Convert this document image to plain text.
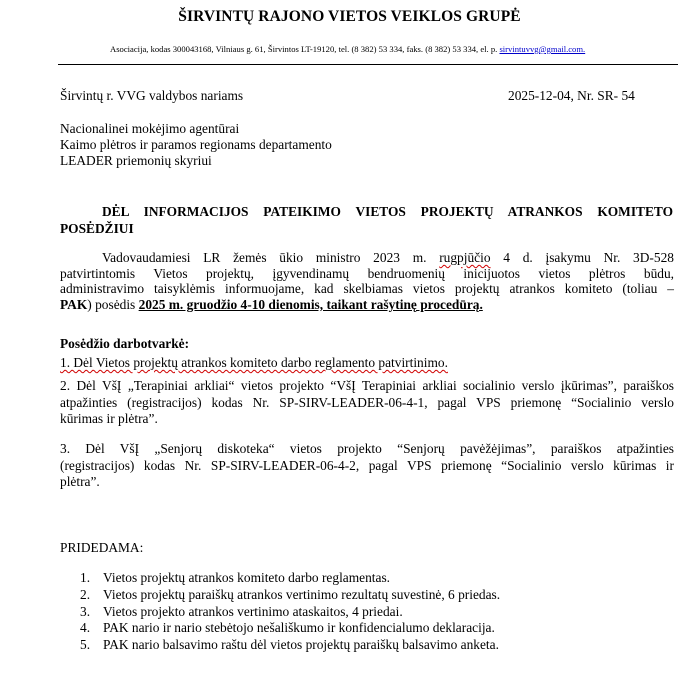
ŠIRVINTŲ RAJONO VIETOS VEIKLOS GRUPĖ
Asociacija, kodas 300043168, Vilniaus g. 61, Širvintos LT-19120, tel. (8 382) 53 334, faks. (8 382) 53 334, el. p. sirvintuvvg@gmail.com.
Širvintų r. VVG valdybos nariams	2025-12-04, Nr. SR- 54
Nacionalinei mokėjimo agentūrai
Kaimo plėtros ir paramos regionams departamento
LEADER priemonių skyriui
DĖL INFORMACIJOS PATEIKIMO VIETOS PROJEKTŲ ATRANKOS KOMITETO
POSĖDŽIUI
Vadovaudamiesi LR žemės ūkio ministro 2023 m. rugpjūčio 4 d. įsakymu Nr. 3D-528
patvirtintomis Vietos projektų, įgyvendinamų bendruomenių inicijuotos vietos plėtros būdu,
administravimo taisyklėmis informuojame, kad skelbiamas vietos projektų atrankos komiteto (toliau –
PAK) posėdis 2025 m. gruodžio 4-10 dienomis, taikant rašytinę procedūrą.
Posėdžio darbotvarkė:
1. Dėl Vietos projektų atrankos komiteto darbo reglamento patvirtinimo.
2. Dėl VšĮ „Terapiniai arkliai“ vietos projekto “VšĮ Terapiniai arkliai socialinio verslo įkūrimas”, paraiškos
atpažinties (registracijos) kodas Nr. SP-SIRV-LEADER-06-4-1, pagal VPS priemonę “Socialinio verslo
kūrimas ir plėtra”.
3. Dėl VšĮ „Senjorų diskoteka“ vietos projekto “Senjorų pavėžėjimas”, paraiškos atpažinties
(registracijos) kodas Nr. SP-SIRV-LEADER-06-4-2, pagal VPS priemonę “Socialinio verslo kūrimas ir
plėtra”.
PRIDEDAMA:
1. Vietos projektų atrankos komiteto darbo reglamentas.
2. Vietos projektų paraiškų atrankos vertinimo rezultatų suvestinė, 6 priedas.
3. Vietos projekto atrankos vertinimo ataskaitos, 4 priedai.
4. PAK nario ir nario stebėtojo nešališkumo ir konfidencialumo deklaracija.
5. PAK nario balsavimo raštu dėl vietos projektų paraiškų balsavimo anketa.
